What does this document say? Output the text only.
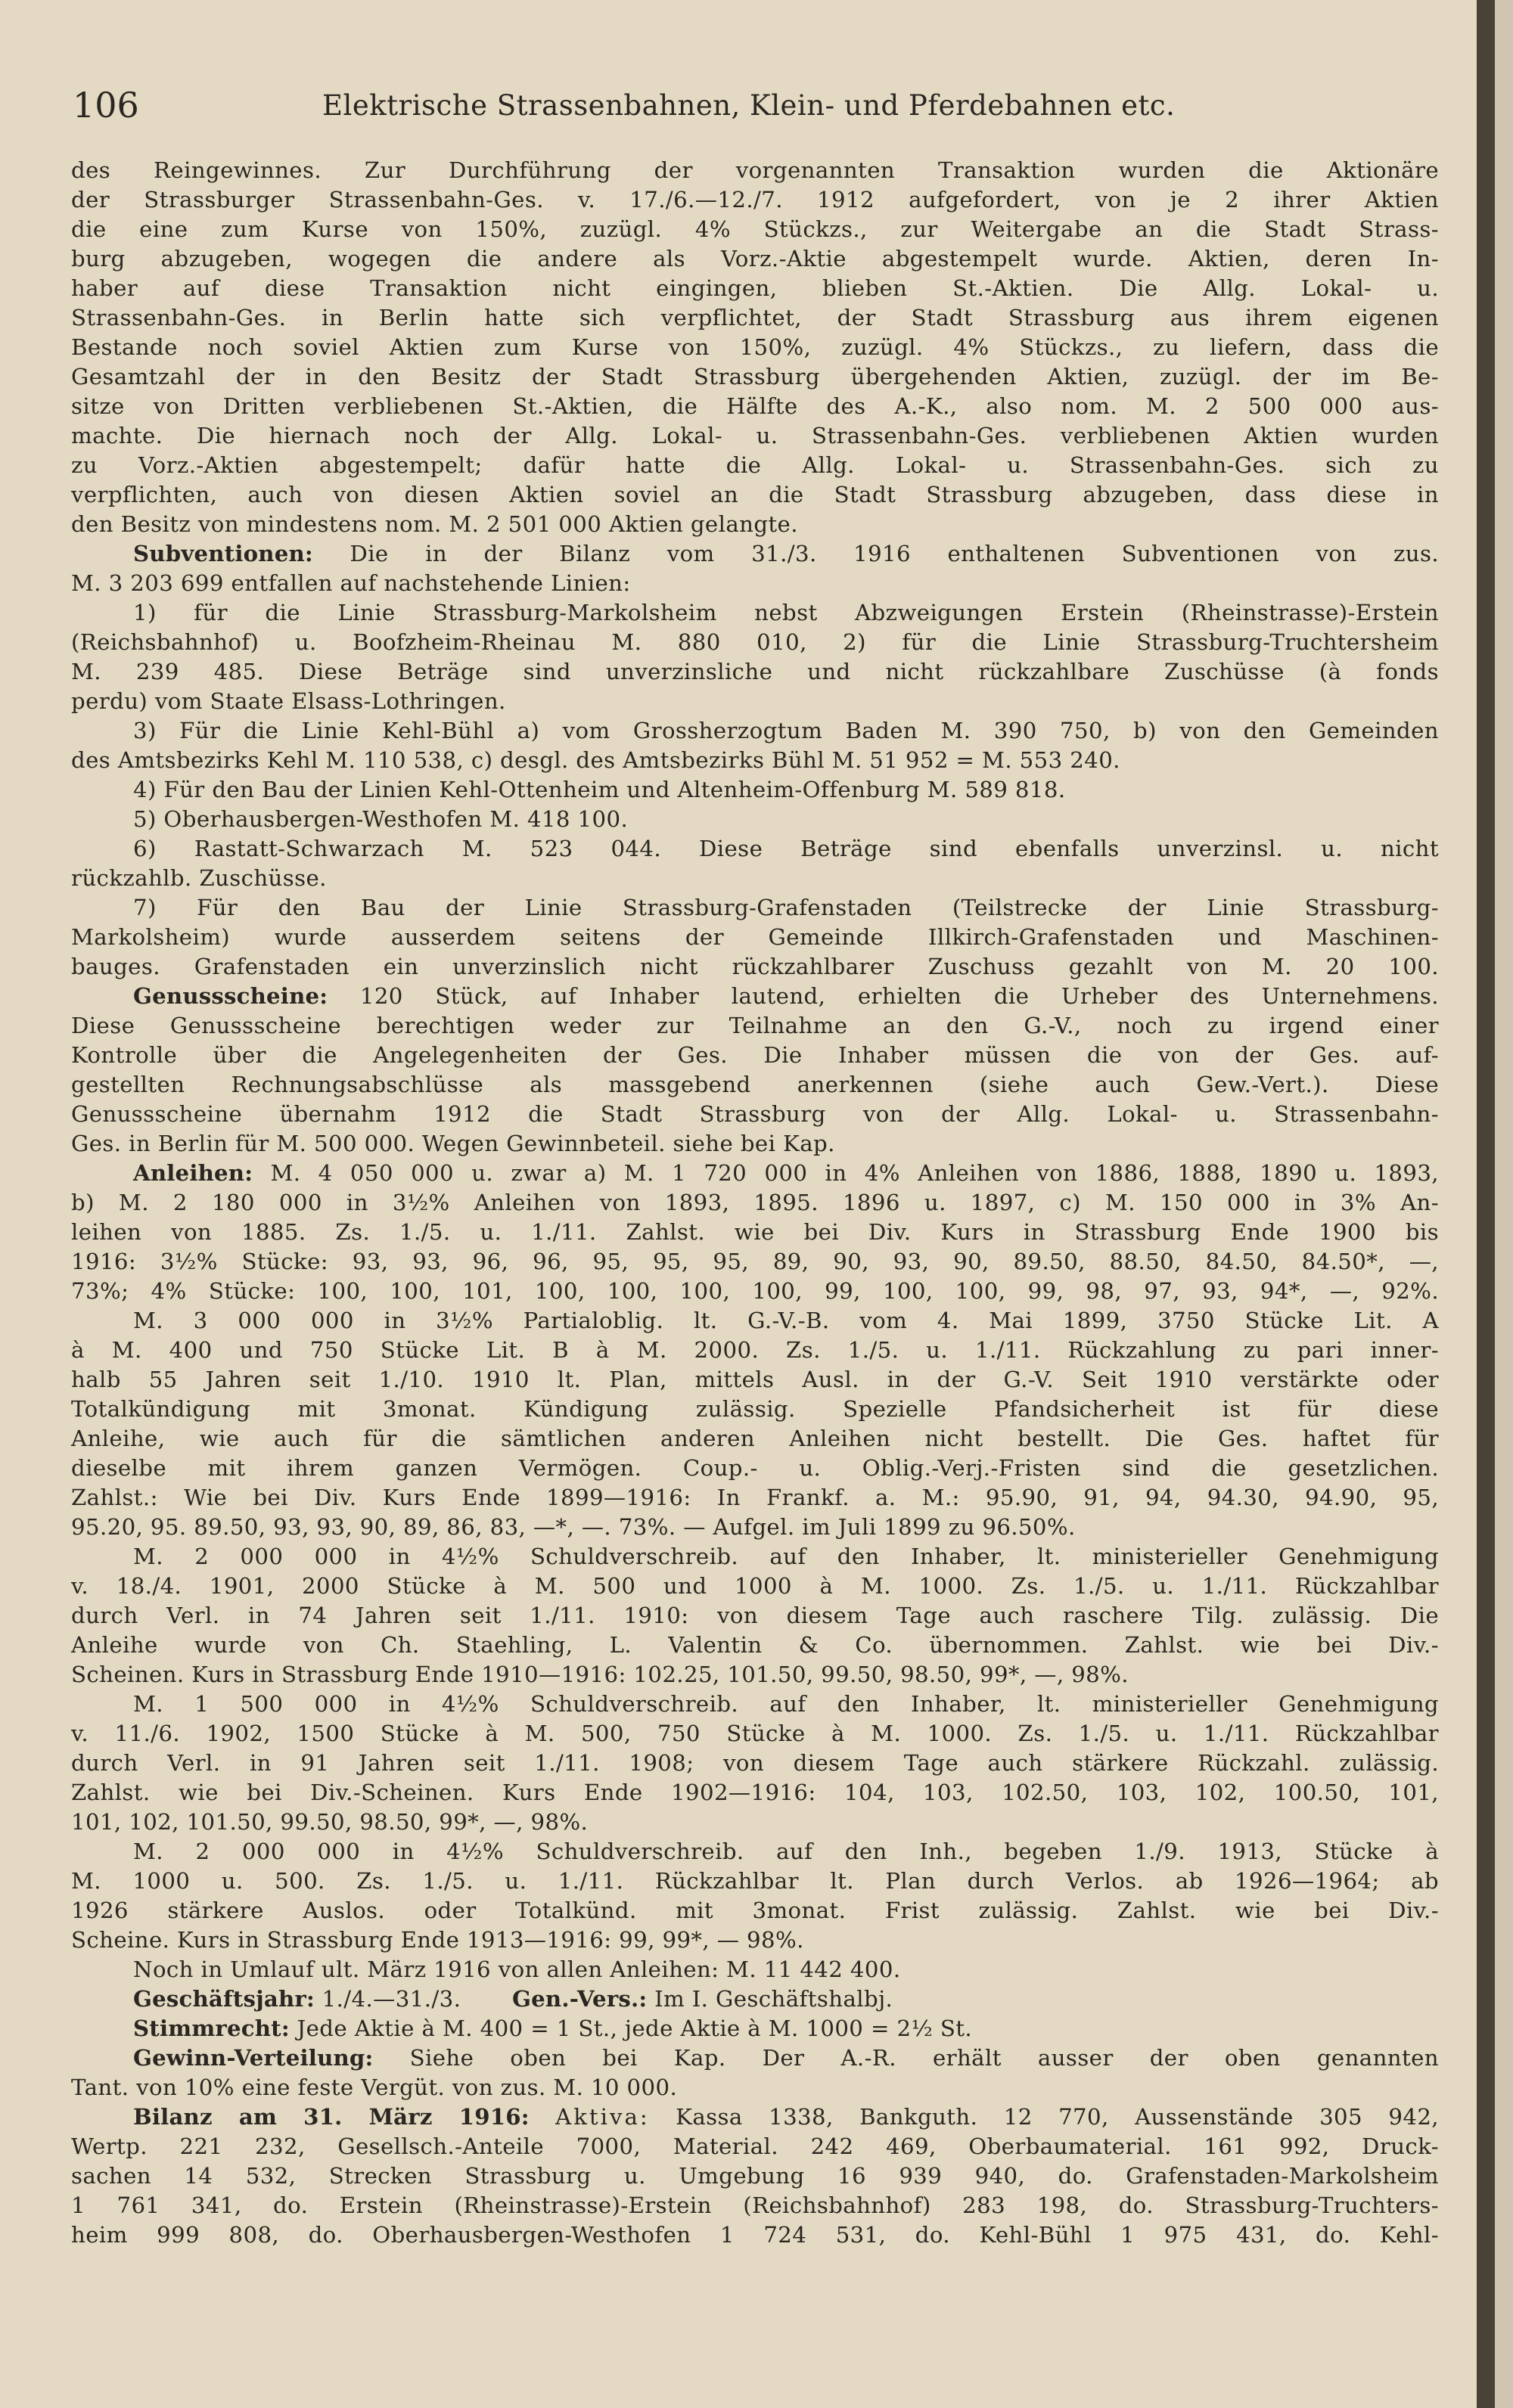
106	Elektrische Strassenbahnen, Klein- und Pferdebahnen etc.

des Reingewinnes. Zur Durchführung der vorgenannten Transaktion wurden die Aktionäre

der Strassburger Strassenbahn-Ges. v. 17./6.—12./7. 1912 aufgefordert, von je 2 ihrer Aktien

die eine zum Kurse von 150%, zuzügl. 4% Stückzs., zur Weitergabe an die Stadt Strass-

burg abzugeben, wogegen die andere als Vorz.-Aktie abgestempelt wurde. Aktien, deren In-

haber auf diese Transaktion nicht eingingen, blieben St.-Aktien. Die Allg. Lokal- u.

Strassenbahn-Ges. in Berlin hatte sich verpflichtet, der Stadt Strassburg aus ihrem eigenen

Bestande noch soviel Aktien zum Kurse von 150%, zuzügl. 4% Stückzs., zu liefern, dass die

Gesamtzahl der in den Besitz der Stadt Strassburg übergehenden Aktien, zuzügl. der im Be-

sitze von Dritten verbliebenen St.-Aktien, die Hälfte des A.-K., also nom. M. 2 500 000 aus-

machte. Die hiernach noch der Allg. Lokal- u. Strassenbahn-Ges. verbliebenen Aktien wurden

zu Vorz.-Aktien abgestempelt; dafür hatte die Allg. Lokal- u. Strassenbahn-Ges. sich zu

verpflichten, auch von diesen Aktien soviel an die Stadt Strassburg abzugeben, dass diese in

den Besitz von mindestens nom. M. 2 501 000 Aktien gelangte.

Subventionen: Die in der Bilanz vom 31./3. 1916 enthaltenen Subventionen von zus.

M. 3 203 699 entfallen auf nachstehende Linien:

1) für die Linie Strassburg-Markolsheim nebst Abzweigungen Erstein (Rheinstrasse)-Erstein

(Reichsbahnhof) u. Boofzheim-Rheinau M. 880 010, 2) für die Linie Strassburg-Truchtersheim

M. 239 485. Diese Beträge sind unverzinsliche und nicht rückzahlbare Zuschüsse (à fonds

perdu) vom Staate Elsass-Lothringen.

3) Für die Linie Kehl-Bühl a) vom Grossherzogtum Baden M. 390 750, b) von den Gemeinden

des Amtsbezirks Kehl M. 110 538, c) desgl. des Amtsbezirks Bühl M. 51 952 = M. 553 240.

4) Für den Bau der Linien Kehl-Ottenheim und Altenheim-Offenburg M. 589 818.

5) Oberhausbergen-Westhofen M. 418 100.

6) Rastatt-Schwarzach M. 523 044. Diese Beträge sind ebenfalls unverzinsl. u. nicht

rückzahlb. Zuschüsse.

7) Für den Bau der Linie Strassburg-Grafenstaden (Teilstrecke der Linie Strassburg-

Markolsheim) wurde ausserdem seitens der Gemeinde Illkirch-Grafenstaden und Maschinen-

bauges. Grafenstaden ein unverzinslich nicht rückzahlbarer Zuschuss gezahlt von M. 20 100.

Genussscheine: 120 Stück, auf Inhaber lautend, erhielten die Urheber des Unternehmens.

Diese Genussscheine berechtigen weder zur Teilnahme an den G.-V., noch zu irgend einer

Kontrolle über die Angelegenheiten der Ges. Die Inhaber müssen die von der Ges. auf-

gestellten Rechnungsabschlüsse als massgebend anerkennen (siehe auch Gew.-Vert.). Diese

Genussscheine übernahm 1912 die Stadt Strassburg von der Allg. Lokal- u. Strassenbahn-

Ges. in Berlin für M. 500 000. Wegen Gewinnbeteil. siehe bei Kap.

Anleihen: M. 4 050 000 u. zwar a) M. 1 720 000 in 4% Anleihen von 1886, 1888, 1890 u. 1893,

b) M. 2 180 000 in 3½% Anleihen von 1893, 1895. 1896 u. 1897, c) M. 150 000 in 3% An-

leihen von 1885. Zs. 1./5. u. 1./11. Zahlst. wie bei Div. Kurs in Strassburg Ende 1900 bis

1916: 3½% Stücke: 93, 93, 96, 96, 95, 95, 95, 89, 90, 93, 90, 89.50, 88.50, 84.50, 84.50*, —,

73%; 4% Stücke: 100, 100, 101, 100, 100, 100, 100, 99, 100, 100, 99, 98, 97, 93, 94*, —, 92%.

M. 3 000 000 in 3½% Partialoblig. lt. G.-V.-B. vom 4. Mai 1899, 3750 Stücke Lit. A

à M. 400 und 750 Stücke Lit. B à M. 2000. Zs. 1./5. u. 1./11. Rückzahlung zu pari inner-

halb 55 Jahren seit 1./10. 1910 lt. Plan, mittels Ausl. in der G.-V. Seit 1910 verstärkte oder

Totalkündigung mit 3monat. Kündigung zulässig. Spezielle Pfandsicherheit ist für diese

Anleihe, wie auch für die sämtlichen anderen Anleihen nicht bestellt. Die Ges. haftet für

dieselbe mit ihrem ganzen Vermögen. Coup.- u. Oblig.-Verj.-Fristen sind die gesetzlichen.

Zahlst.: Wie bei Div. Kurs Ende 1899—1916: In Frankf. a. M.: 95.90, 91, 94, 94.30, 94.90, 95,

95.20, 95. 89.50, 93, 93, 90, 89, 86, 83, —*, —. 73%. — Aufgel. im Juli 1899 zu 96.50%.

M. 2 000 000 in 4½% Schuldverschreib. auf den Inhaber, lt. ministerieller Genehmigung

v. 18./4. 1901, 2000 Stücke à M. 500 und 1000 à M. 1000. Zs. 1./5. u. 1./11. Rückzahlbar

durch Verl. in 74 Jahren seit 1./11. 1910: von diesem Tage auch raschere Tilg. zulässig. Die

Anleihe wurde von Ch. Staehling, L. Valentin & Co. übernommen. Zahlst. wie bei Div.-

Scheinen. Kurs in Strassburg Ende 1910—1916: 102.25, 101.50, 99.50, 98.50, 99*, —, 98%.

M. 1 500 000 in 4½% Schuldverschreib. auf den Inhaber, lt. ministerieller Genehmigung

v. 11./6. 1902, 1500 Stücke à M. 500, 750 Stücke à M. 1000. Zs. 1./5. u. 1./11. Rückzahlbar

durch Verl. in 91 Jahren seit 1./11. 1908; von diesem Tage auch stärkere Rückzahl. zulässig.

Zahlst. wie bei Div.-Scheinen. Kurs Ende 1902—1916: 104, 103, 102.50, 103, 102, 100.50, 101,

101, 102, 101.50, 99.50, 98.50, 99*, —, 98%.

M. 2 000 000 in 4½% Schuldverschreib. auf den Inh., begeben 1./9. 1913, Stücke à

M. 1000 u. 500. Zs. 1./5. u. 1./11. Rückzahlbar lt. Plan durch Verlos. ab 1926—1964; ab

1926 stärkere Auslos. oder Totalkünd. mit 3monat. Frist zulässig. Zahlst. wie bei Div.-

Scheine. Kurs in Strassburg Ende 1913—1916: 99, 99*, — 98%.

Noch in Umlauf ult. März 1916 von allen Anleihen: M. 11 442 400.

Geschäftsjahr: 1./4.—31./3. Gen.-Vers.: Im I. Geschäftshalbj.

Stimmrecht: Jede Aktie à M. 400 = 1 St., jede Aktie à M. 1000 = 2½ St.

Gewinn-Verteilung: Siehe oben bei Kap. Der A.-R. erhält ausser der oben genannten

Tant. von 10% eine feste Vergüt. von zus. M. 10 000.

Bilanz am 31. März 1916: Aktiva: Kassa 1338, Bankguth. 12 770, Aussenstände 305 942,

Wertp. 221 232, Gesellsch.-Anteile 7000, Material. 242 469, Oberbaumaterial. 161 992, Druck-

sachen 14 532, Strecken Strassburg u. Umgebung 16 939 940, do. Grafenstaden-Markolsheim

1 761 341, do. Erstein (Rheinstrasse)-Erstein (Reichsbahnhof) 283 198, do. Strassburg-Truchters-

heim 999 808, do. Oberhausbergen-Westhofen 1 724 531, do. Kehl-Bühl 1 975 431, do. Kehl-
